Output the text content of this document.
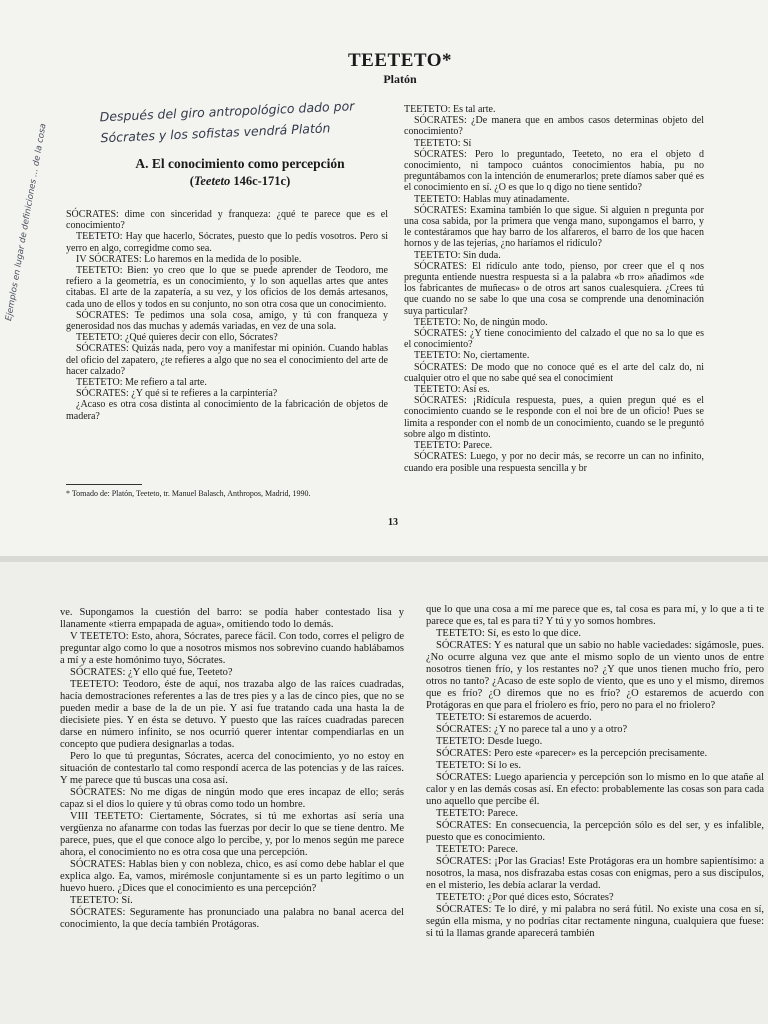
TEETETO*
Platón
Después del giro antropológico dado por Sócrates y los sofistas vendrá Platón
Ejemplos en lugar de definiciones ... de la cosa	A. El conocimiento como percepción
(Teeteto 146c-171c)

SÓCRATES: dime con sinceridad y franqueza: ¿qué te parece que es el conocimiento?

TEETETO: Hay que hacerlo, Sócrates, puesto que lo pedís vosotros. Pero si yerro en algo, corregidme como sea.

IV SÓCRATES: Lo haremos en la medida de lo posible.

TEETETO: Bien: yo creo que lo que se puede aprender de Teodoro, me refiero a la geometría, es un conocimiento, y lo son aquellas artes que antes citabas. El arte de la zapatería, a su vez, y los oficios de los demás artesanos, cada uno de ellos y todos en su conjunto, no son otra cosa que un conocimiento.

SÓCRATES: Te pedimos una sola cosa, amigo, y tú con franqueza y generosidad nos das muchas y además variadas, en vez de una sola.

TEETETO: ¿Qué quieres decir con ello, Sócrates?

SÓCRATES: Quizás nada, pero voy a manifestar mi opinión. Cuando hablas del oficio del zapatero, ¿te refieres a algo que no sea el conocimiento del arte de hacer calzado?

TEETETO: Me refiero a tal arte.

SÓCRATES: ¿Y qué si te refieres a la carpintería?

¿Acaso es otra cosa distinta al conocimiento de la fabricación de objetos de madera?

TEETETO: Es tal arte.

SÓCRATES: ¿De manera que en ambos casos determinas objeto del conocimiento?

TEETETO: Sí

SÓCRATES: Pero lo preguntado, Teeteto, no era el objeto d conocimiento, ni tampoco cuántos conocimientos había, pu no preguntábamos con la intención de enumerarlos; prete díamos saber qué es el conocimiento en sí. ¿O es que lo q digo no tiene sentido?

TEETETO: Hablas muy atinadamente.

SÓCRATES: Examina también lo que sigue. Si alguien n pregunta por una cosa sabida, por la primera que venga mano, supongamos el barro, y le contestáramos que hay barro de los alfareros, el barro de los que hacen hornos y de las tejerías, ¿no haríamos el ridículo?

TEETETO: Sin duda.

SÓCRATES: El ridículo ante todo, pienso, por creer que el q nos pregunta entiende nuestra respuesta si a la palabra «b rro» añadimos «de los fabricantes de muñecas» o de otros art sanos cualesquiera. ¿Crees tú que cuando no se sabe lo que una cosa se comprende una denominación suya particular?

TEETETO: No, de ningún modo.

SÓCRATES: ¿Y tiene conocimiento del calzado el que no sa lo que es el conocimiento?

TEETETO: No, ciertamente.

SÓCRATES: De modo que no conoce qué es el arte del calz do, ni cualquier otro el que no sabe qué sea el conocimient

TEETETO: Así es.

SÓCRATES: ¡Ridícula respuesta, pues, a quien pregun qué es el conocimiento cuando se le responde con el noi bre de un oficio! Pues se limita a responder con el nomb de un conocimiento, cuando se le preguntó sobre algo m distinto.

TEETETO: Parece.

SÓCRATES: Luego, y por no decir más, se recorre un can no infinito, cuando era posible una respuesta sencilla y br

* Tomado de: Platón, Teeteto, tr. Manuel Balasch, Anthropos, Madrid, 1990.
13

ve. Supongamos la cuestión del barro: se podía haber contestado lisa y llanamente «tierra empapada de agua», omitiendo todo lo demás.

V TEETETO: Esto, ahora, Sócrates, parece fácil. Con todo, corres el peligro de preguntar algo como lo que a nosotros mismos nos sobrevino cuando hablábamos a mí y a este homónimo tuyo, Sócrates.

SÓCRATES: ¿Y ello qué fue, Teeteto?

TEETETO: Teodoro, éste de aquí, nos trazaba algo de las raíces cuadradas, hacía demostraciones referentes a las de tres pies y a las de cinco pies, que no se pueden medir a base de la de un pie. Y así fue tratando cada una hasta la de diecisiete pies. Y en ésta se detuvo. Y puesto que las raíces cuadradas parecen darse en número infinito, se nos ocurrió querer intentar compendiarlas en un concepto que pudiera designarlas a todas.

Pero lo que tú preguntas, Sócrates, acerca del conocimiento, yo no estoy en situación de contestarlo tal como respondí acerca de las potencias y de las raíces. Y me parece que tú buscas una cosa así.

SÓCRATES: No me digas de ningún modo que eres incapaz de ello; serás capaz si el dios lo quiere y tú obras como todo un hombre.

VIII TEETETO: Ciertamente, Sócrates, si tú me exhortas así sería una vergüenza no afanarme con todas las fuerzas por decir lo que se tiene dentro. Me parece, pues, que el que conoce algo lo percibe, y, por lo menos según me parece ahora, el conocimiento no es otra cosa que una percepción.

SÓCRATES: Hablas bien y con nobleza, chico, es así como debe hablar el que explica algo. Ea, vamos, mirémosle conjuntamente si es un parto legítimo o un huevo huero. ¿Dices que el conocimiento es una percepción?

TEETETO: Sí.

SÓCRATES: Seguramente has pronunciado una palabra no banal acerca del conocimiento, la que decía también Protágoras.

que lo que una cosa a mí me parece que es, tal cosa es para mí, y lo que a ti te parece que es, tal es para ti? Y tú y yo somos hombres.

TEETETO: Sí, es esto lo que dice.

SÓCRATES: Y es natural que un sabio no hable vaciedades: sigámosle, pues. ¿No ocurre alguna vez que ante el mismo soplo de un viento unos de entre nosotros tienen frío, y los restantes no? ¿Y que unos tienen mucho frío, pero otros no tanto? ¿Acaso de este soplo de viento, que es uno y el mismo, diremos que es frío? ¿O diremos que no es frío? ¿O estaremos de acuerdo con Protágoras en que para el friolero es frío, pero no para el no friolero?

TEETETO: Sí estaremos de acuerdo.

SÓCRATES: ¿Y no parece tal a uno y a otro?

TEETETO: Desde luego.

SÓCRATES: Pero este «parecer» es la percepción precisamente.

TEETETO: Sí lo es.

SÓCRATES: Luego apariencia y percepción son lo mismo en lo que atañe al calor y en las demás cosas así. En efecto: probablemente las cosas son para cada uno aquello que percibe él.

TEETETO: Parece.

SÓCRATES: En consecuencia, la percepción sólo es del ser, y es infalible, puesto que es conocimiento.

TEETETO: Parece.

SÓCRATES: ¡Por las Gracias! Este Protágoras era un hombre sapientísimo: a nosotros, la masa, nos disfrazaba estas cosas con enigmas, pero a sus discípulos, en el misterio, les debía aclarar la verdad.

TEETETO: ¿Por qué dices esto, Sócrates?

SÓCRATES: Te lo diré, y mi palabra no será fútil. No existe una cosa en sí, según ella misma, y no podrías citar rectamente ninguna, cualquiera que fuese: si tú la llamas grande aparecerá también
